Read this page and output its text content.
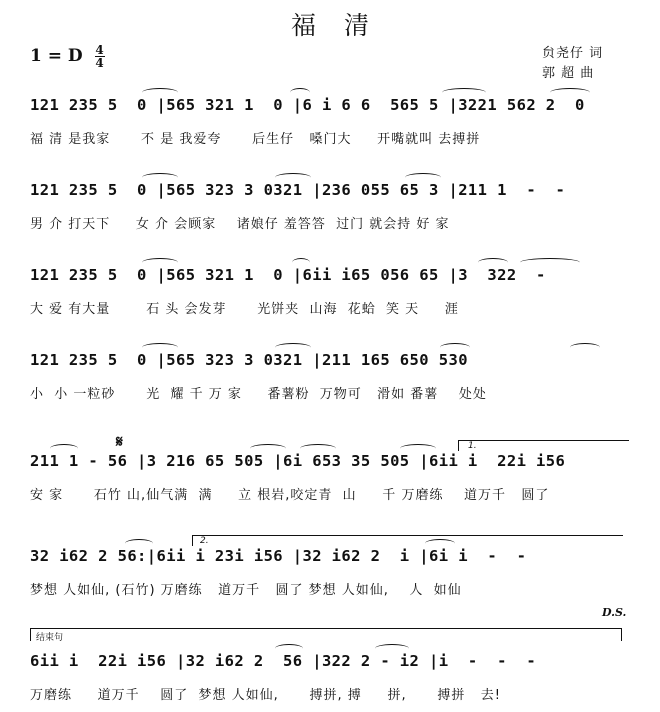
福清
1 = D $\frac{4}{4}$	贠尧仔 词
郭 超 曲
121 235 5  0 |565 321 1  0 |6 i 6 6  565 5 |3221 562 2  0
福 清 是我家      不 是 我爱夸      后生仔   嗓门大     开嘴就叫 去搏拼
121 235 5  0 |565 323 3 0321 |236 055 65 3 |211 1  -  -
男 介 打天下     女 介 会顾家    诸娘仔 羞答答  过门 就会持 好 家
121 235 5  0 |565 321 1  0 |6ii i65 056 65 |3  322  -
大 爱 有大量       石 头 会发芽      光饼夹  山海  花蛤  笑 天     涯
121 235 5  0 |565 323 3 0321 |211 165 650 530
小  小 一粒砂      光  耀 千 万 家     番薯粉  万物可   滑如 番薯    处处
211 1 - 56 |3 216 65 505 |6i 653 35 505 |6ii i  22i i56
安 家      石竹 山,仙气满  满     立 根岩,咬定青  山     千 万磨练    道万千   圆了
𝄋	1.
32 i62 2 56:|6ii i 23i i56 |32 i62 2  i |6i i  -  -
梦想 人如仙, (石竹) 万磨练   道万千   圆了 梦想 人如仙,    人  如仙
2.
D.S.
结束句
6ii i  22i i56 |32 i62 2  56 |322 2 - i2 |i  -  -  -
万磨练     道万千    圆了  梦想 人如仙,      搏拼, 搏     拼,      搏拼   去!
